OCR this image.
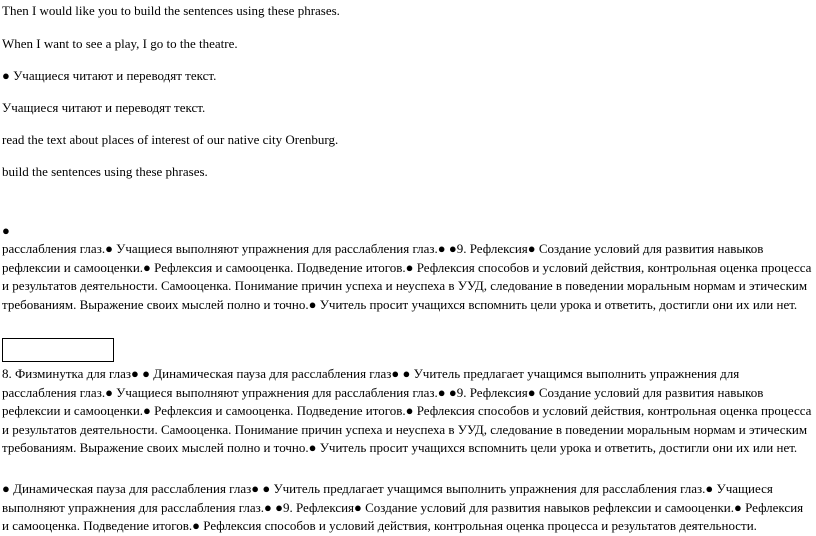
Then I would like you to build the sentences using these phrases.
When I want to see a play, I go to the theatre.
● Учащиеся читают и переводят текст.
Учащиеся читают и переводят текст.
read the text about places of interest of our native city Orenburg.
build the sentences using these phrases.
●
расслабления глаз.● Учащиеся выполняют упражнения для расслабления глаз.● ●9. Рефлексия● Создание условий для развития навыков рефлексии и самооценки.● Рефлексия и самооценка. Подведение итогов.● Рефлексия способов и условий действия, контрольная оценка процесса и результатов деятельности. Самооценка. Понимание причин успеха и неуспеха в УУД, следование в поведении моральным нормам и этическим требованиям. Выражение своих мыслей полно и точно.● Учитель просит учащихся вспомнить цели урока и ответить, достигли они их или нет.
8. Физминутка для глаз● ● Динамическая пауза для расслабления глаз● ● Учитель предлагает учащимся выполнить упражнения для расслабления глаз.● Учащиеся выполняют упражнения для расслабления глаз.● ●9. Рефлексия● Создание условий для развития навыков рефлексии и самооценки.● Рефлексия и самооценка. Подведение итогов.● Рефлексия способов и условий действия, контрольная оценка процесса и результатов деятельности. Самооценка. Понимание причин успеха и неуспеха в УУД, следование в поведении моральным нормам и этическим требованиям. Выражение своих мыслей полно и точно.● Учитель просит учащихся вспомнить цели урока и ответить, достигли они их или нет.
● Динамическая пауза для расслабления глаз● ● Учитель предлагает учащимся выполнить упражнения для расслабления глаз.● Учащиеся выполняют упражнения для расслабления глаз.● ●9. Рефлексия● Создание условий для развития навыков рефлексии и самооценки.● Рефлексия и самооценка. Подведение итогов.● Рефлексия способов и условий действия, контрольная оценка процесса и результатов деятельности.
